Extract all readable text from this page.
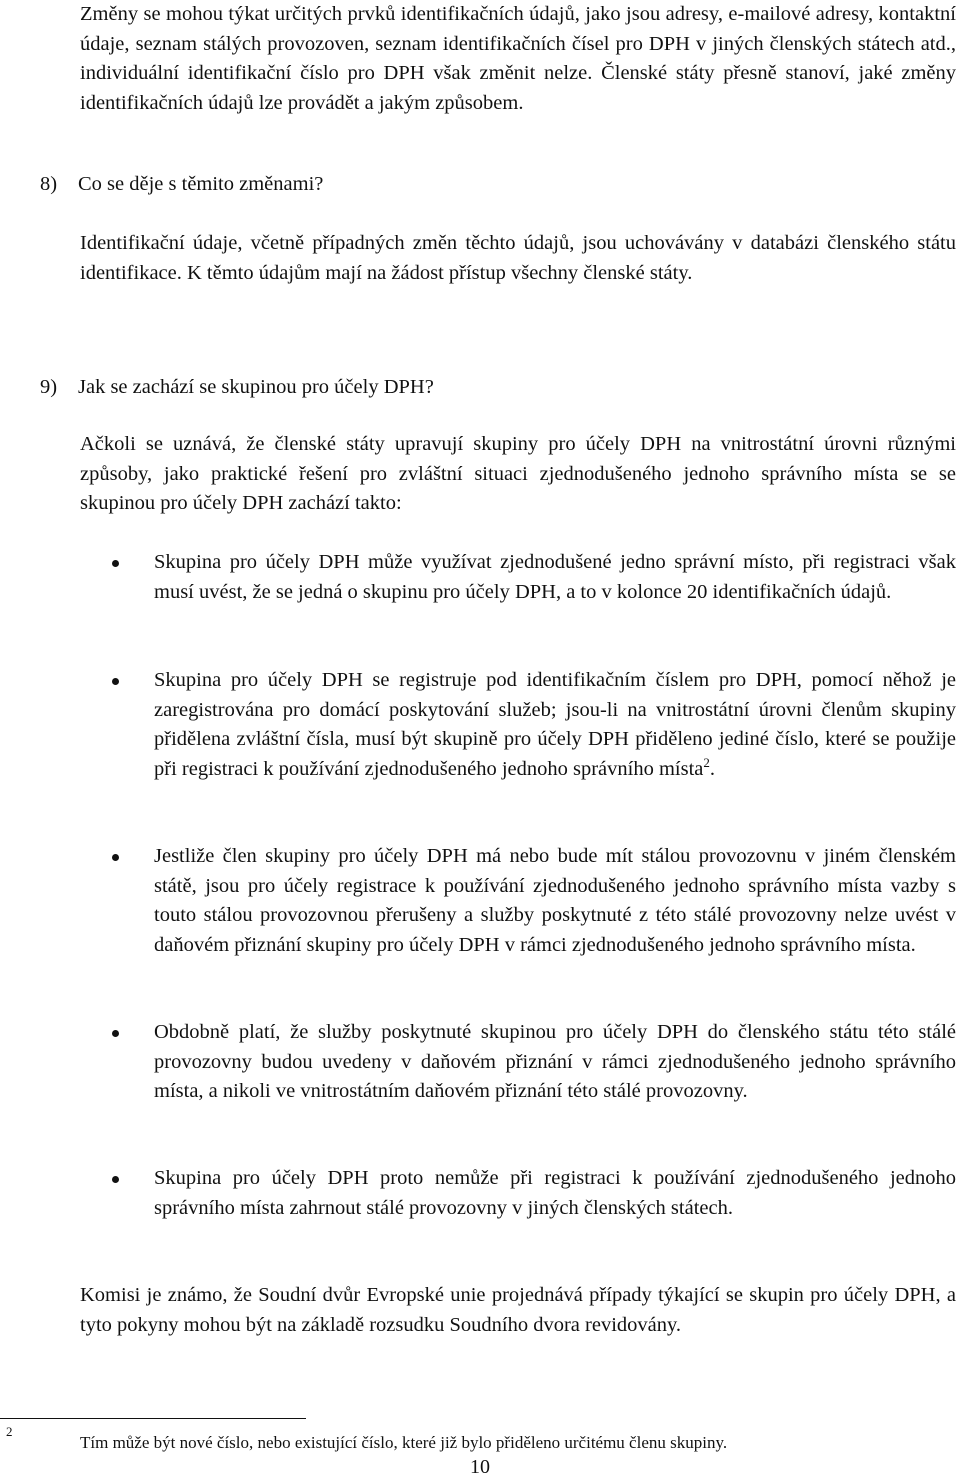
Změny se mohou týkat určitých prvků identifikačních údajů, jako jsou adresy, e-mailové adresy, kontaktní údaje, seznam stálých provozoven, seznam identifikačních čísel pro DPH v jiných členských státech atd., individuální identifikační číslo pro DPH však změnit nelze. Členské státy přesně stanoví, jaké změny identifikačních údajů lze provádět a jakým způsobem.

8) Co se děje s těmito změnami?

Identifikační údaje, včetně případných změn těchto údajů, jsou uchovávány v databázi členského státu identifikace. K těmto údajům mají na žádost přístup všechny členské státy.

9) Jak se zachází se skupinou pro účely DPH?

Ačkoli se uznává, že členské státy upravují skupiny pro účely DPH na vnitrostátní úrovni různými způsoby, jako praktické řešení pro zvláštní situaci zjednodušeného jednoho správního místa se se skupinou pro účely DPH zachází takto:

Skupina pro účely DPH může využívat zjednodušené jedno správní místo, při registraci však musí uvést, že se jedná o skupinu pro účely DPH, a to v kolonce 20 identifikačních údajů.

Skupina pro účely DPH se registruje pod identifikačním číslem pro DPH, pomocí něhož je zaregistrována pro domácí poskytování služeb; jsou-li na vnitrostátní úrovni členům skupiny přidělena zvláštní čísla, musí být skupině pro účely DPH přiděleno jediné číslo, které se použije při registraci k používání zjednodušeného jednoho správního místa$^2$.

Jestliže člen skupiny pro účely DPH má nebo bude mít stálou provozovnu v jiném členském státě, jsou pro účely registrace k používání zjednodušeného jednoho správního místa vazby s touto stálou provozovnou přerušeny a služby poskytnuté z této stálé provozovny nelze uvést v daňovém přiznání skupiny pro účely DPH v rámci zjednodušeného jednoho správního místa.

Obdobně platí, že služby poskytnuté skupinou pro účely DPH do členského státu této stálé provozovny budou uvedeny v daňovém přiznání v rámci zjednodušeného jednoho správního místa, a nikoli ve vnitrostátním daňovém přiznání této stálé provozovny.

Skupina pro účely DPH proto nemůže při registraci k používání zjednodušeného jednoho správního místa zahrnout stálé provozovny v jiných členských státech.

Komisi je známo, že Soudní dvůr Evropské unie projednává případy týkající se skupin pro účely DPH, a tyto pokyny mohou být na základě rozsudku Soudního dvora revidovány.

2
Tím může být nové číslo, nebo existující číslo, které již bylo přiděleno určitému členu skupiny.
10
